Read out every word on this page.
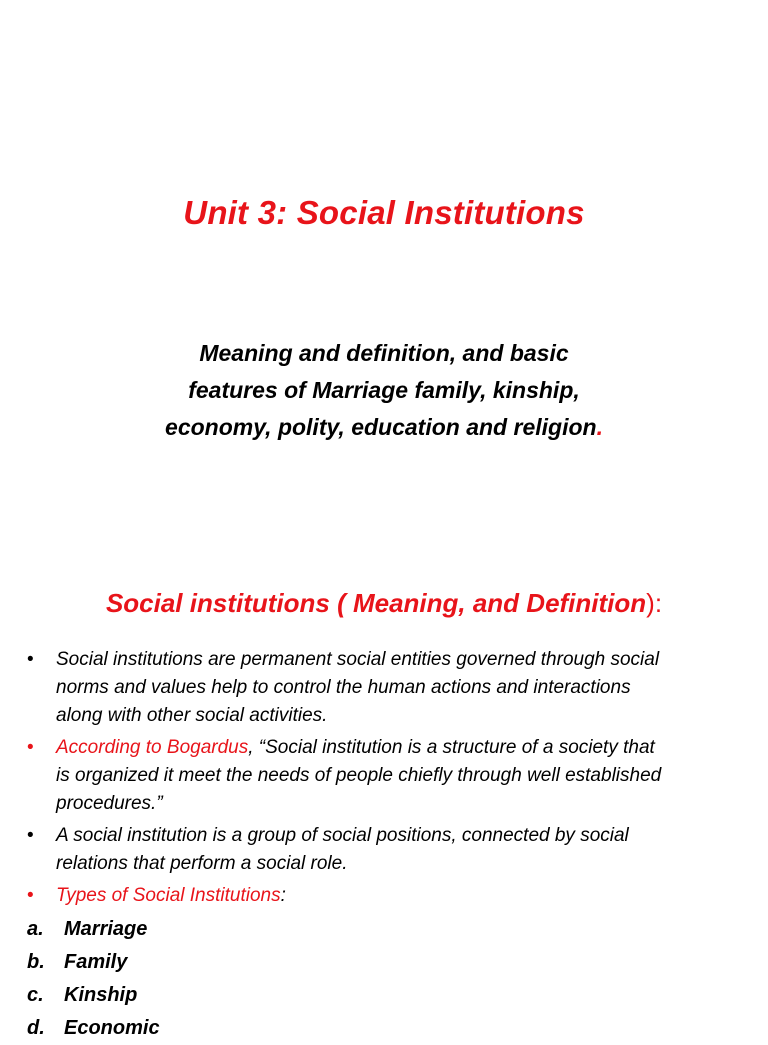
Unit 3: Social Institutions
Meaning and definition, and basic
features of Marriage family, kinship,
economy, polity, education and religion.
Social institutions ( Meaning, and Definition):
• Social institutions are permanent social entities governed through social
norms and values help to control the human actions and interactions
along with other social activities.
• According to Bogardus, “Social institution is a structure of a society that
is organized it meet the needs of people chiefly through well established
procedures.”
• A social institution is a group of social positions, connected by social
relations that perform a social role.
• Types of Social Institutions:
a. Marriage
b. Family
c. Kinship
d. Economic
